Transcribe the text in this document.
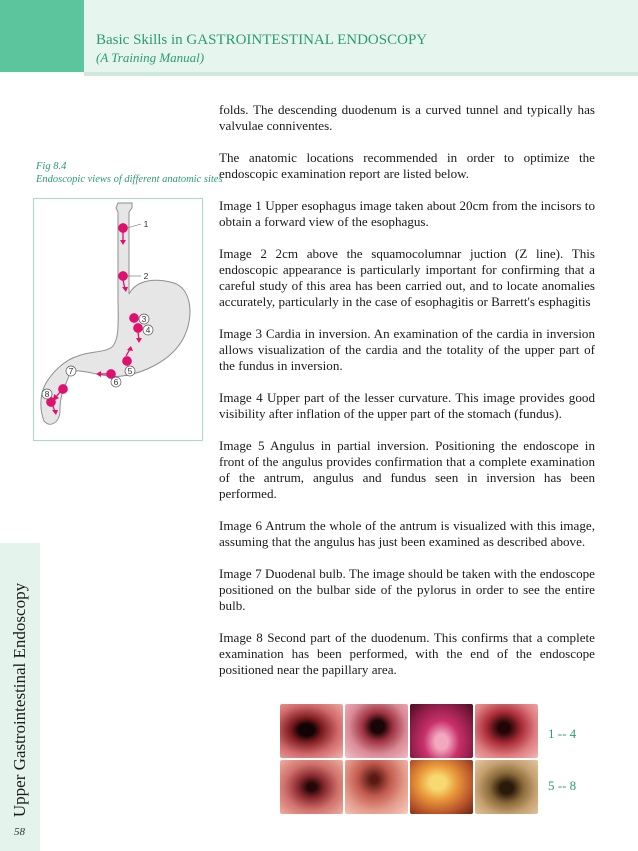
Basic Skills in GASTROINTESTINAL ENDOSCOPY
(A Training Manual)
Upper Gastrointestinal Endoscopy
58
Fig 8.4
Endoscopic views of different anatomic sites
1
2
3
4
5
6
7
8

folds. The descending duodenum is a curved tunnel and typically has valvulae conniventes.

The anatomic locations recommended in order to optimize the endoscopic examination report are listed below.

Image 1 Upper esophagus image taken about 20cm from the incisors to obtain a forward view of the esophagus.

Image 2 2cm above the squamocolumnar juction (Z line). This endoscopic appearance is particularly important for confirming that a careful study of this area has been carried out, and to locate anomalies accurately, particularly in the case of esophagitis or Barrett's esphagitis

Image 3 Cardia in inversion. An examination of the cardia in inversion allows visualization of the cardia and the totality of the upper part of the fundus in inversion.

Image 4 Upper part of the lesser curvature. This image provides good visibility after inflation of the upper part of the stomach (fundus).

Image 5 Angulus in partial inversion. Positioning the endoscope in front of the angulus provides confirmation that a complete examination of the antrum, angulus and fundus seen in inversion has been performed.

Image 6 Antrum the whole of the antrum is visualized with this image, assuming that the angulus has just been examined as described above.

Image 7 Duodenal bulb. The image should be taken with the endoscope positioned on the bulbar side of the pylorus in order to see the entire bulb.

Image 8 Second part of the duodenum. This confirms that a complete examination has been performed, with the end of the endoscope positioned near the papillary area.

1 -- 4
5 -- 8
